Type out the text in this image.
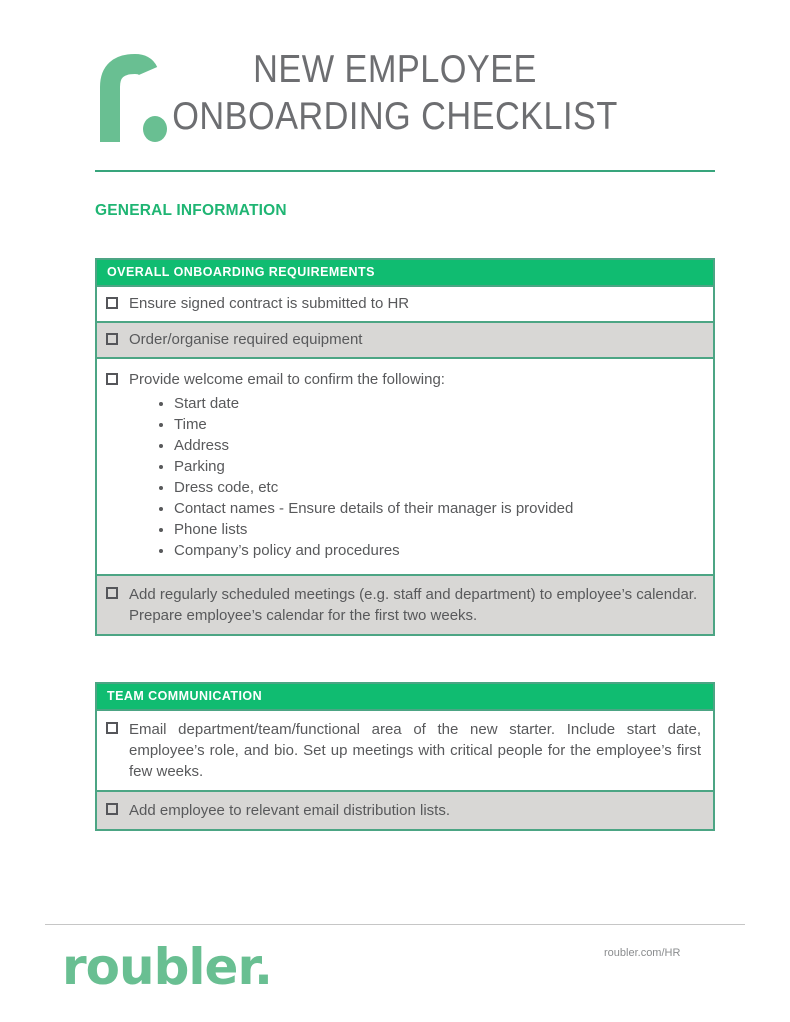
NEW EMPLOYEE
ONBOARDING CHECKLIST
GENERAL INFORMATION
OVERALL ONBOARDING REQUIREMENTS
Ensure signed contract is submitted to HR
Order/organise required equipment
Provide welcome email to confirm the following:
• Start date
• Time
• Address
• Parking
• Dress code, etc
• Contact names - Ensure details of their manager is provided
• Phone lists
• Company’s policy and procedures
Add regularly scheduled meetings (e.g. staff and department) to employee’s calendar. Prepare employee’s calendar for the first two weeks.
TEAM COMMUNICATION
Email department/team/functional area of the new starter. Include start date, employee’s role, and bio. Set up meetings with critical people for the employee’s first few weeks.
Add employee to relevant email distribution lists.
roubler.	roubler.com/HR
